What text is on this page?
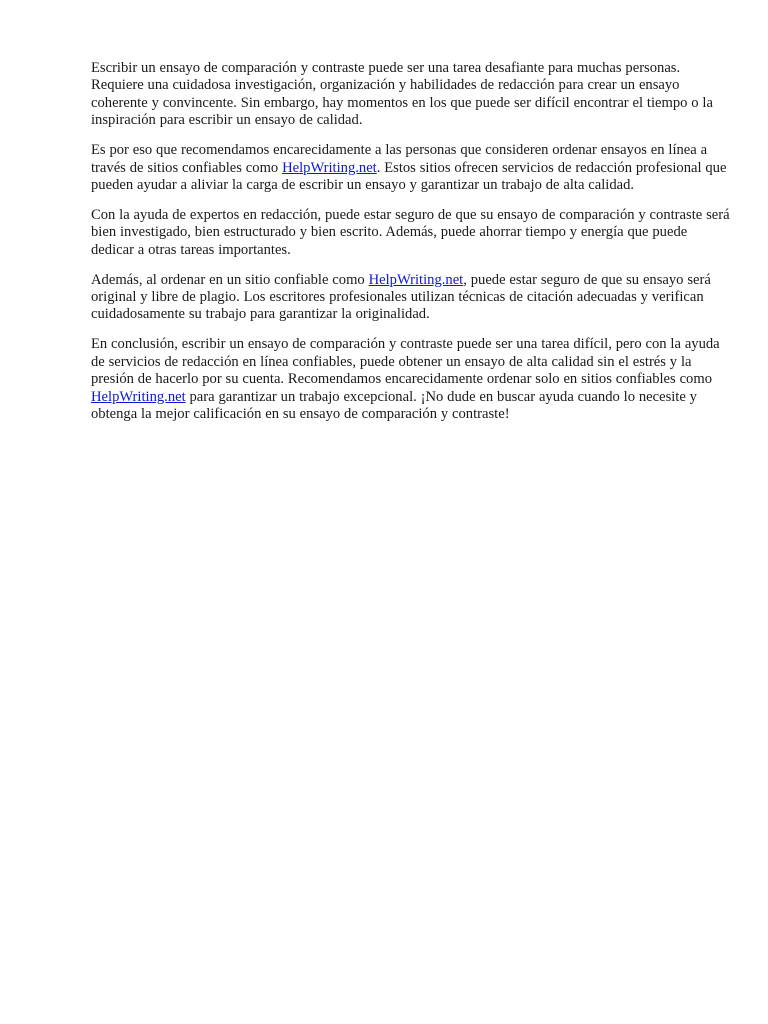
Escribir un ensayo de comparación y contraste puede ser una tarea desafiante para muchas personas. Requiere una cuidadosa investigación, organización y habilidades de redacción para crear un ensayo coherente y convincente. Sin embargo, hay momentos en los que puede ser difícil encontrar el tiempo o la inspiración para escribir un ensayo de calidad.

Es por eso que recomendamos encarecidamente a las personas que consideren ordenar ensayos en línea a través de sitios confiables como HelpWriting.net. Estos sitios ofrecen servicios de redacción profesional que pueden ayudar a aliviar la carga de escribir un ensayo y garantizar un trabajo de alta calidad.

Con la ayuda de expertos en redacción, puede estar seguro de que su ensayo de comparación y contraste será bien investigado, bien estructurado y bien escrito. Además, puede ahorrar tiempo y energía que puede dedicar a otras tareas importantes.

Además, al ordenar en un sitio confiable como HelpWriting.net, puede estar seguro de que su ensayo será original y libre de plagio. Los escritores profesionales utilizan técnicas de citación adecuadas y verifican cuidadosamente su trabajo para garantizar la originalidad.

En conclusión, escribir un ensayo de comparación y contraste puede ser una tarea difícil, pero con la ayuda de servicios de redacción en línea confiables, puede obtener un ensayo de alta calidad sin el estrés y la presión de hacerlo por su cuenta. Recomendamos encarecidamente ordenar solo en sitios confiables como HelpWriting.net para garantizar un trabajo excepcional. ¡No dude en buscar ayuda cuando lo necesite y obtenga la mejor calificación en su ensayo de comparación y contraste!
